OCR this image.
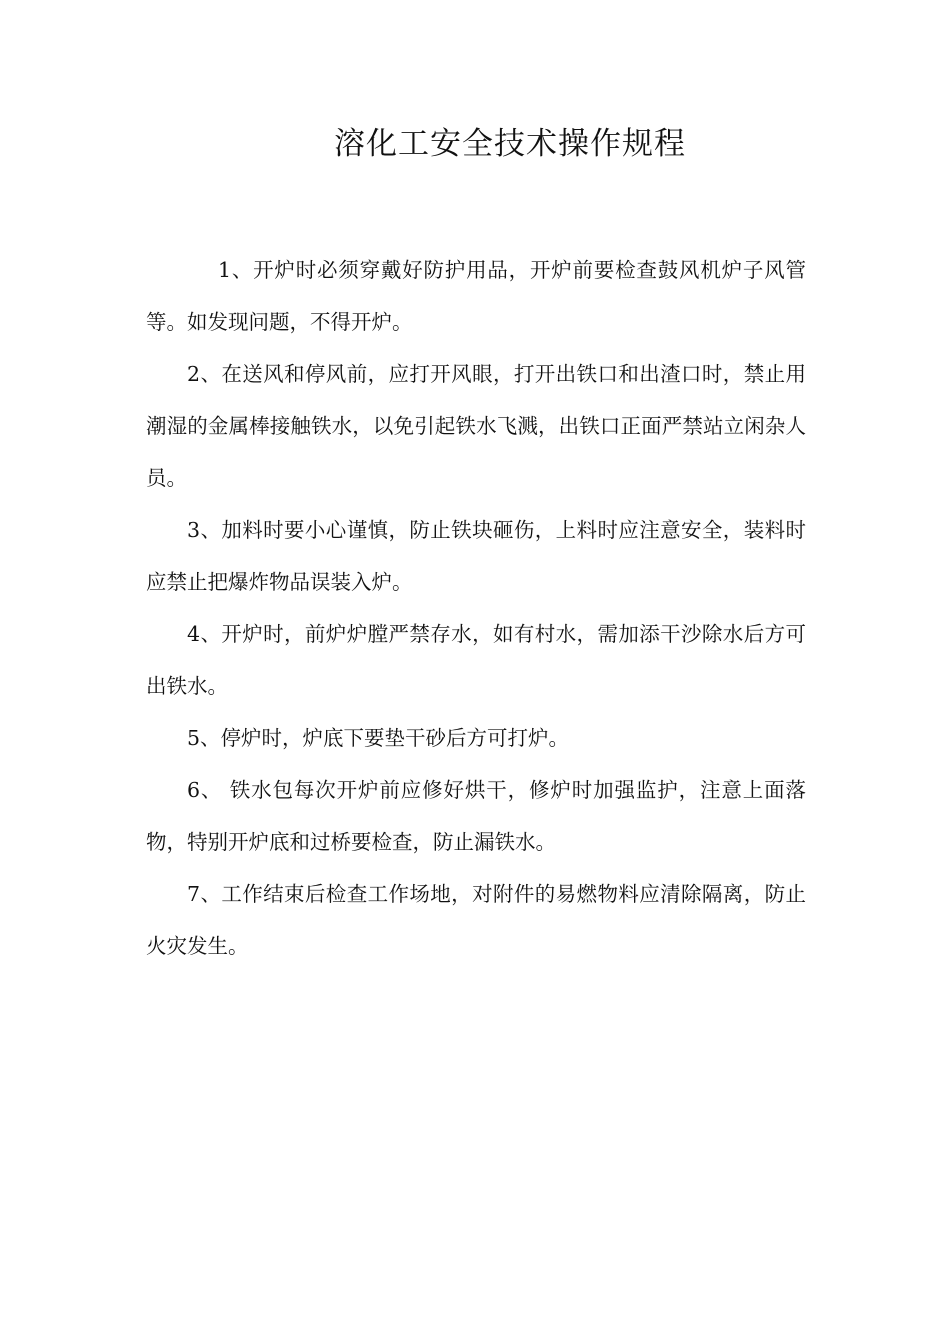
溶化工安全技术操作规程

1、开炉时必须穿戴好防护用品，开炉前要检查鼓风机炉子风管等。如发现问题，不得开炉。

2、在送风和停风前，应打开风眼，打开出铁口和出渣口时，禁止用潮湿的金属棒接触铁水，以免引起铁水飞溅，出铁口正面严禁站立闲杂人员。

3、加料时要小心谨慎，防止铁块砸伤，上料时应注意安全，装料时应禁止把爆炸物品误装入炉。

4、开炉时，前炉炉膛严禁存水，如有村水，需加添干沙除水后方可出铁水。

5、停炉时，炉底下要垫干砂后方可打炉。

6、 铁水包每次开炉前应修好烘干，修炉时加强监护，注意上面落物，特别开炉底和过桥要检查，防止漏铁水。

7、工作结束后检查工作场地，对附件的易燃物料应清除隔离，防止火灾发生。
